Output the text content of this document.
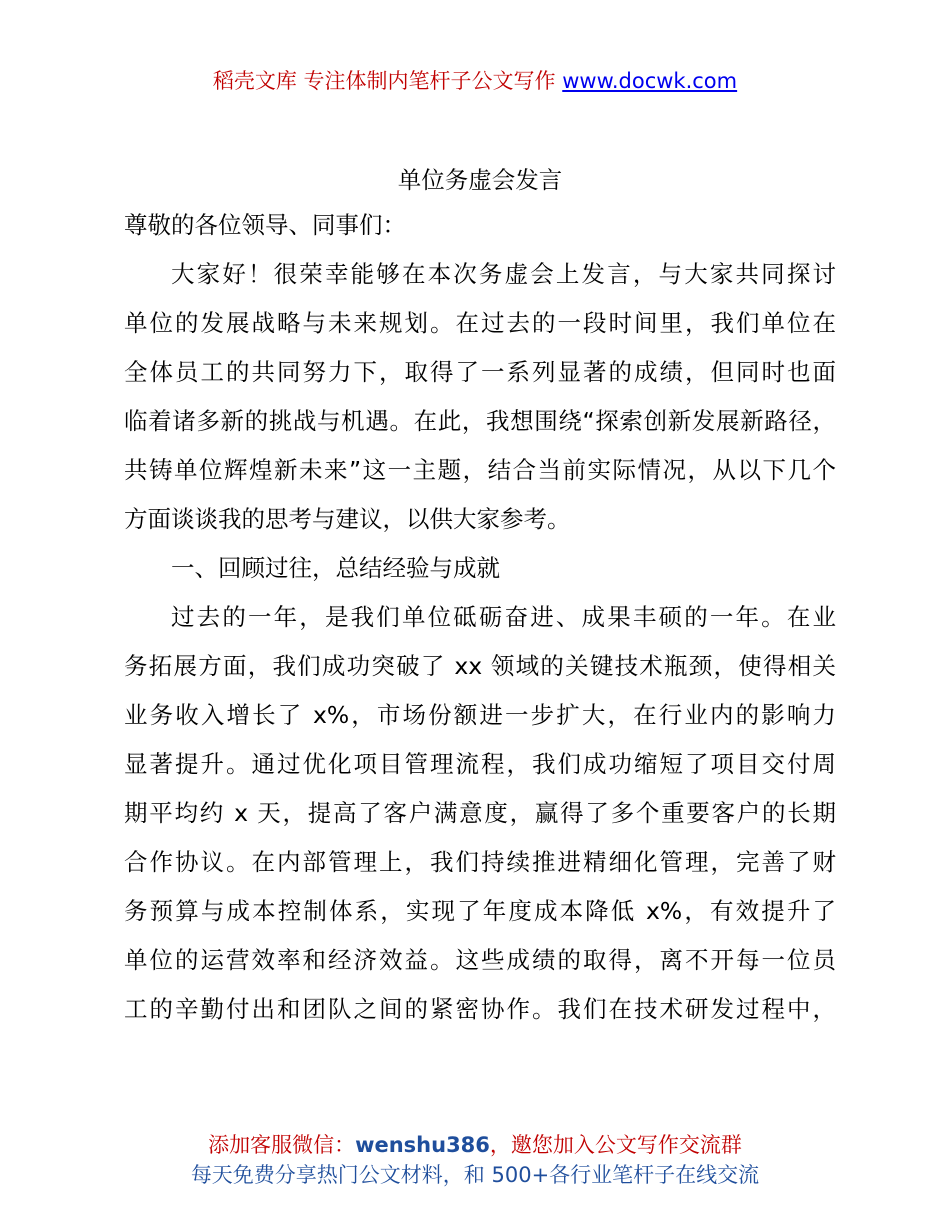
稻壳文库 专注体制内笔杆子公文写作 www.docwk.com

单位务虚会发言

尊敬的各位领导、同事们：

大家好！很荣幸能够在本次务虚会上发言，与大家共同探讨

单位的发展战略与未来规划。在过去的一段时间里，我们单位在

全体员工的共同努力下，取得了一系列显著的成绩，但同时也面

临着诸多新的挑战与机遇。在此，我想围绕“探索创新发展新路径，

共铸单位辉煌新未来”这一主题，结合当前实际情况，从以下几个

方面谈谈我的思考与建议，以供大家参考。

一、回顾过往，总结经验与成就

过去的一年，是我们单位砥砺奋进、成果丰硕的一年。在业

务拓展方面，我们成功突破了 xx 领域的关键技术瓶颈，使得相关

业务收入增长了 x%，市场份额进一步扩大，在行业内的影响力

显著提升。通过优化项目管理流程，我们成功缩短了项目交付周

期平均约 x 天，提高了客户满意度，赢得了多个重要客户的长期

合作协议。在内部管理上，我们持续推进精细化管理，完善了财

务预算与成本控制体系，实现了年度成本降低 x%，有效提升了

单位的运营效率和经济效益。这些成绩的取得，离不开每一位员

工的辛勤付出和团队之间的紧密协作。我们在技术研发过程中，

添加客服微信：wenshu386，邀您加入公文写作交流群
每天免费分享热门公文材料，和 500+各行业笔杆子在线交流
